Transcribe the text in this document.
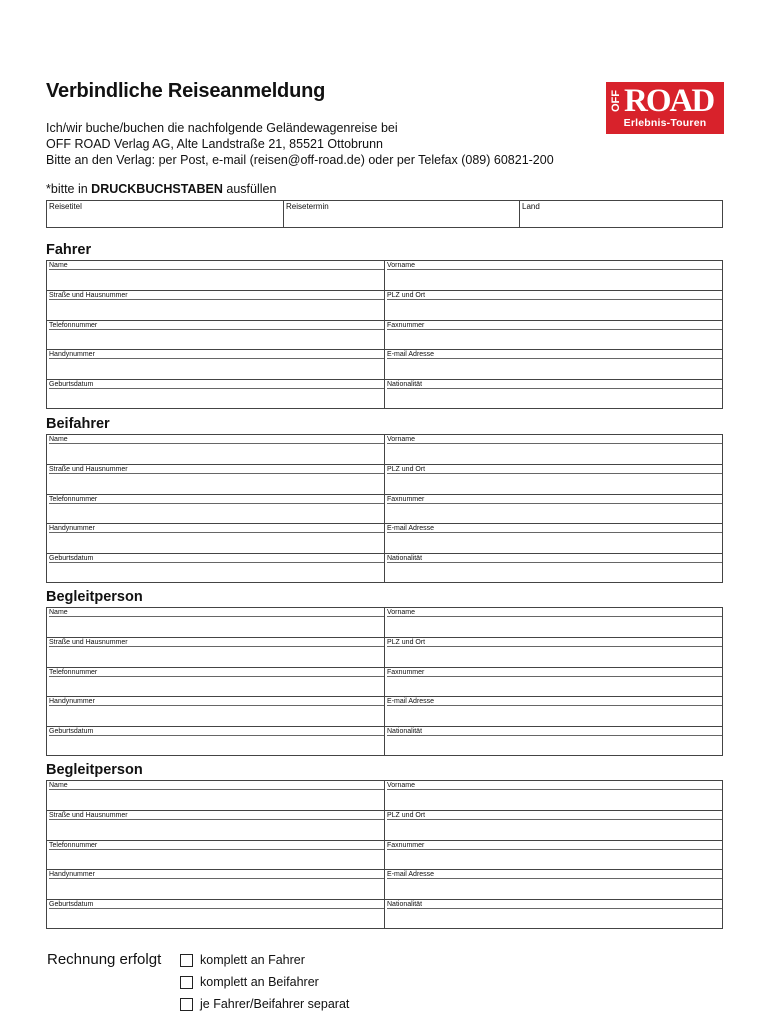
Verbindliche Reiseanmeldung	OFF ROAD
Erlebnis-Touren
Ich/wir buche/buchen die nachfolgende Geländewagenreise bei
OFF ROAD Verlag AG, Alte Landstraße 21, 85521 Ottobrunn
Bitte an den Verlag: per Post, e-mail (reisen@off-road.de) oder per Telefax (089) 60821-200
*bitte in DRUCKBUCHSTABEN ausfüllen
Reisetitel	Reisetermin	Land
Fahrer
Name	Vorname
Straße und Hausnummer	PLZ und Ort
Telefonnummer	Faxnummer
Handynummer	E-mail Adresse
Geburtsdatum	Nationalität
Beifahrer
Name	Vorname
Straße und Hausnummer	PLZ und Ort
Telefonnummer	Faxnummer
Handynummer	E-mail Adresse
Geburtsdatum	Nationalität
Begleitperson
Name	Vorname
Straße und Hausnummer	PLZ und Ort
Telefonnummer	Faxnummer
Handynummer	E-mail Adresse
Geburtsdatum	Nationalität
Begleitperson
Name	Vorname
Straße und Hausnummer	PLZ und Ort
Telefonnummer	Faxnummer
Handynummer	E-mail Adresse
Geburtsdatum	Nationalität
Rechnung erfolgt	komplett an Fahrer
komplett an Beifahrer
je Fahrer/Beifahrer separat
